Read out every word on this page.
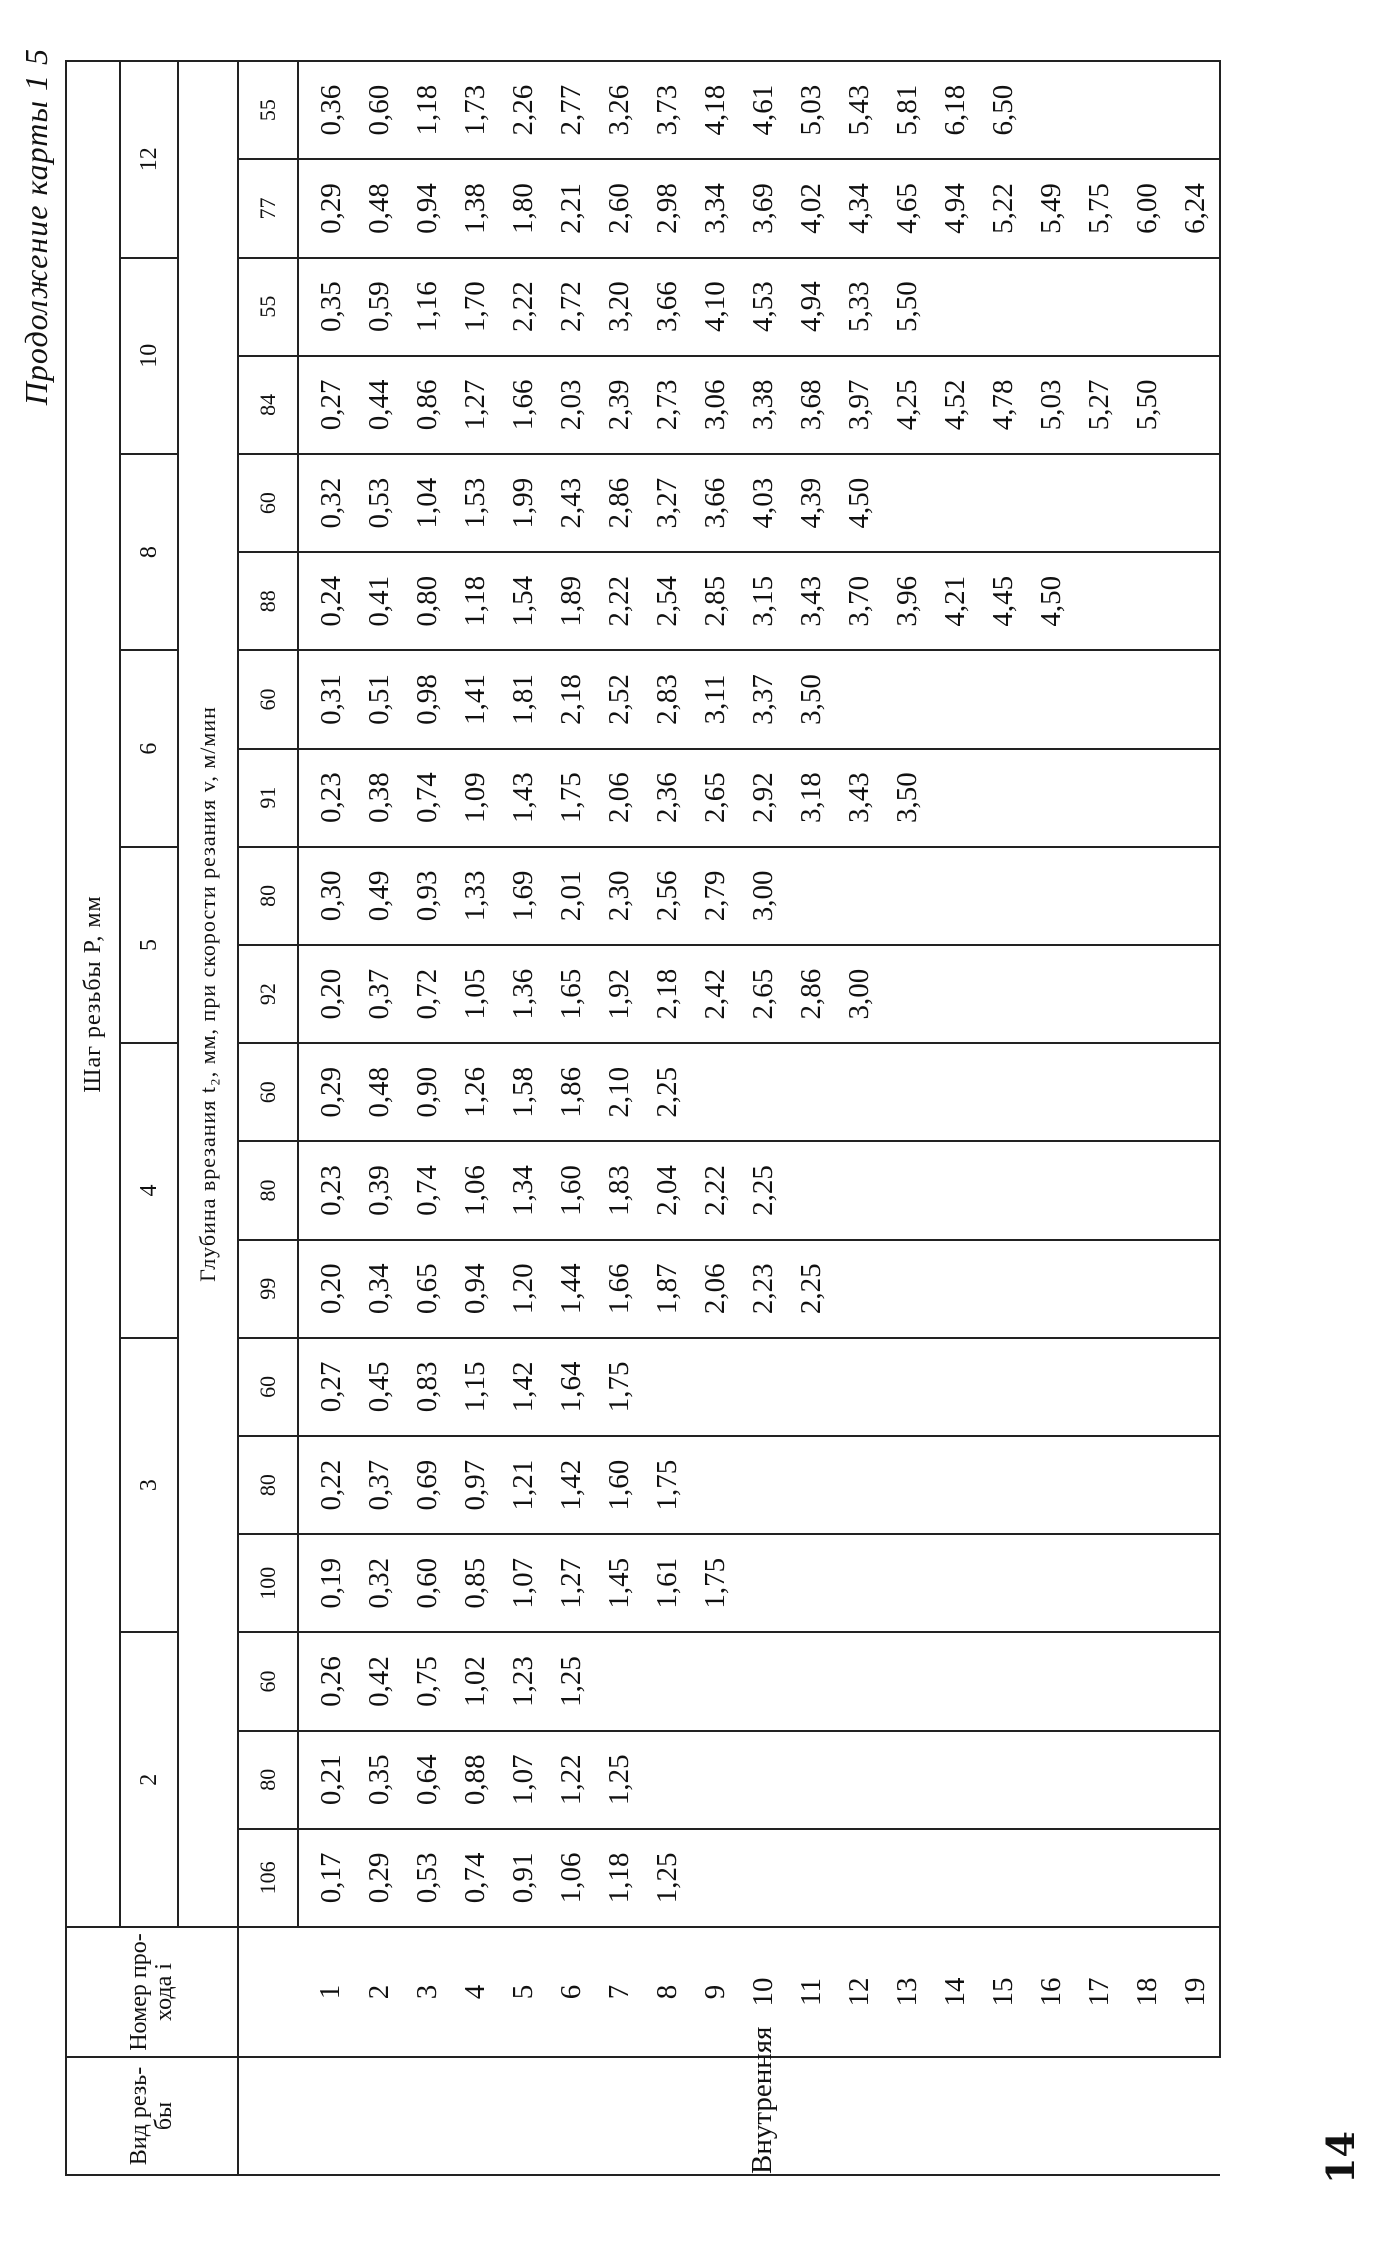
14
Продолжение карты 1 5
Вид резь- бы	Номер про- хода i	Шаг резьбы P, мм																		
		2			3			4			5		6		8		10		12	
		Глубина врезания t₂, мм, при скорости резания v, м/мин																		
		106	80	60	100	80	60	99	80	60	92	80	91	60	88	60	84	55	77	55
Внутренняя	1	0,17	0,21	0,26	0,19	0,22	0,27	0,20	0,23	0,29	0,20	0,30	0,23	0,31	0,24	0,32	0,27	0,35	0,29	0,36
	2	0,29	0,35	0,42	0,32	0,37	0,45	0,34	0,39	0,48	0,37	0,49	0,38	0,51	0,41	0,53	0,44	0,59	0,48	0,60
	3	0,53	0,64	0,75	0,60	0,69	0,83	0,65	0,74	0,90	0,72	0,93	0,74	0,98	0,80	1,04	0,86	1,16	0,94	1,18
	4	0,74	0,88	1,02	0,85	0,97	1,15	0,94	1,06	1,26	1,05	1,33	1,09	1,41	1,18	1,53	1,27	1,70	1,38	1,73
	5	0,91	1,07	1,23	1,07	1,21	1,42	1,20	1,34	1,58	1,36	1,69	1,43	1,81	1,54	1,99	1,66	2,22	1,80	2,26
	6	1,06	1,22	1,25	1,27	1,42	1,64	1,44	1,60	1,86	1,65	2,01	1,75	2,18	1,89	2,43	2,03	2,72	2,21	2,77
	7	1,18	1,25		1,45	1,60	1,75	1,66	1,83	2,10	1,92	2,30	2,06	2,52	2,22	2,86	2,39	3,20	2,60	3,26
	8	1,25			1,61	1,75		1,87	2,04	2,25	2,18	2,56	2,36	2,83	2,54	3,27	2,73	3,66	2,98	3,73
	9				1,75			2,06	2,22		2,42	2,79	2,65	3,11	2,85	3,66	3,06	4,10	3,34	4,18
	10							2,23	2,25		2,65	3,00	2,92	3,37	3,15	4,03	3,38	4,53	3,69	4,61
	11							2,25			2,86		3,18	3,50	3,43	4,39	3,68	4,94	4,02	5,03
	12										3,00		3,43		3,70	4,50	3,97	5,33	4,34	5,43
	13												3,50		3,96		4,25	5,50	4,65	5,81
	14														4,21		4,52		4,94	6,18
	15														4,45		4,78		5,22	6,50
	16														4,50		5,03		5,49	
	17																5,27		5,75	
	18																5,50		6,00	
	19																		6,24	
